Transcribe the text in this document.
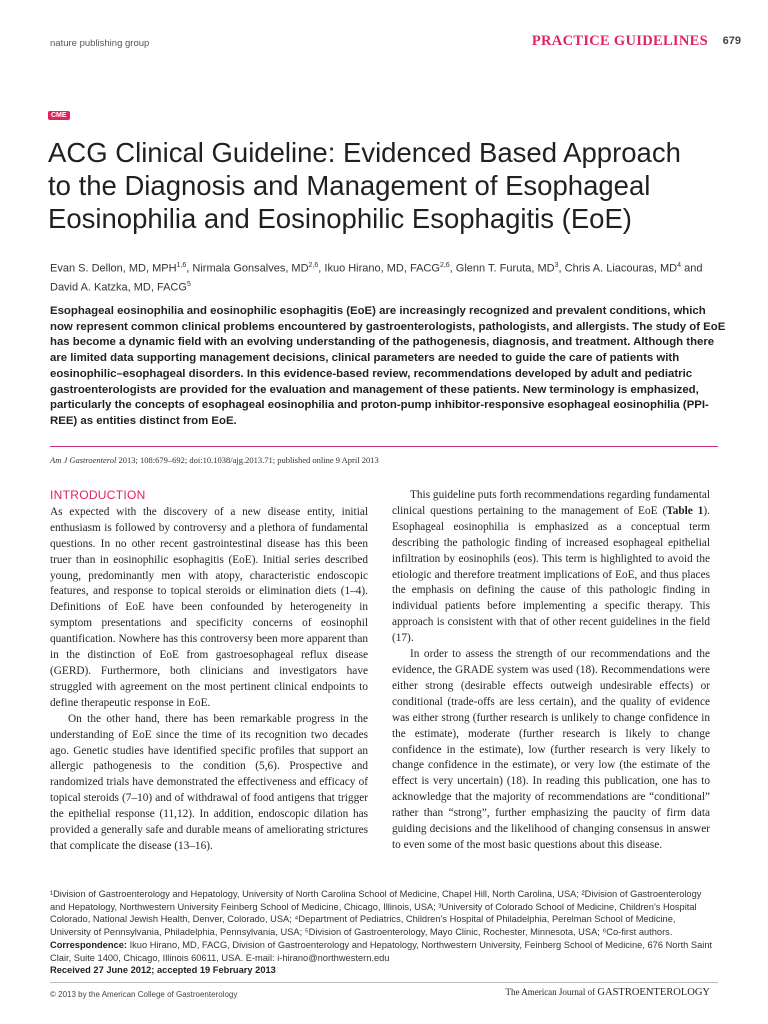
nature publishing group	PRACTICE GUIDELINES 679
CME
ACG Clinical Guideline: Evidenced Based Approach
to the Diagnosis and Management of Esophageal
Eosinophilia and Eosinophilic Esophagitis (EoE)
Evan S. Dellon, MD, MPH$^{1,6}$, Nirmala Gonsalves, MD$^{2,6}$, Ikuo Hirano, MD, FACG$^{2,6}$, Glenn T. Furuta, $MD^3$, Chris A. Liacouras, $MD^4$ and
David A. Katzka, MD, FACG$^5$
Esophageal eosinophilia and eosinophilic esophagitis (EoE) are increasingly recognized and prevalent conditions, which now represent common clinical problems encountered by gastroenterologists, pathologists, and allergists. The study of EoE has become a dynamic field with an evolving understanding of the pathogenesis, diagnosis, and treatment. Although there are limited data supporting management decisions, clinical parameters are needed to guide the care of patients with eosinophilic–esophageal disorders. In this evidence-based review, recommendations developed by adult and pediatric gastroenterologists are provided for the evaluation and management of these patients. New terminology is emphasized, particularly the concepts of esophageal eosinophilia and proton-pump inhibitor-responsive esophageal eosinophilia (PPI-REE) as entities distinct from EoE.
Am J Gastroenterol 2013; 108:679–692; doi:10.1038/ajg.2013.71; published online 9 April 2013
INTRODUCTION

As expected with the discovery of a new disease entity, initial enthusiasm is followed by controversy and a plethora of fundamental questions. In no other recent gastrointestinal disease has this been truer than in eosinophilic esophagitis (EoE). Initial series described young, predominantly men with atopy, characteristic endoscopic features, and response to topical steroids or elimination diets (1–4). Definitions of EoE have been confounded by heterogeneity in symptom presentations and specificity concerns of eosinophil quantification. Nowhere has this controversy been more apparent than in the distinction of EoE from gastroesophageal reflux disease (GERD). Furthermore, both clinicians and investigators have struggled with agreement on the most pertinent clinical endpoints to define therapeutic response in EoE.

On the other hand, there has been remarkable progress in the understanding of EoE since the time of its recognition two decades ago. Genetic studies have identified specific profiles that support an allergic pathogenesis to the condition (5,6). Prospective and randomized trials have demonstrated the effectiveness and efficacy of topical steroids (7–10) and of withdrawal of food antigens that trigger the epithelial response (11,12). In addition, endoscopic dilation has provided a generally safe and durable means of ameliorating strictures that complicate the disease (13–16).

This guideline puts forth recommendations regarding fundamental clinical questions pertaining to the management of EoE (Table 1). Esophageal eosinophilia is emphasized as a conceptual term describing the pathologic finding of increased esophageal epithelial infiltration by eosinophils (eos). This term is highlighted to avoid the etiologic and therefore treatment implications of EoE, and thus places the emphasis on defining the cause of this pathologic finding in individual patients before implementing a specific therapy. This approach is consistent with that of other recent guidelines in the field (17).

In order to assess the strength of our recommendations and the evidence, the GRADE system was used (18). Recommendations were either strong (desirable effects outweigh undesirable effects) or conditional (trade-offs are less certain), and the quality of evidence was either strong (further research is unlikely to change confidence in the estimate), moderate (further research is likely to change confidence in the estimate), low (further research is very likely to change confidence in the estimate), or very low (the estimate of the effect is very uncertain) (18). In reading this publication, one has to acknowledge that the majority of recommendations are “conditional” rather than “strong”, further emphasizing the paucity of firm data guiding decisions and the likelihood of changing consensus in answer to even some of the most basic questions about this disease.

¹Division of Gastroenterology and Hepatology, University of North Carolina School of Medicine, Chapel Hill, North Carolina, USA; ²Division of Gastroenterology and Hepatology, Northwestern University Feinberg School of Medicine, Chicago, Illinois, USA; ³University of Colorado School of Medicine, Children’s Hospital Colorado, National Jewish Health, Denver, Colorado, USA; ⁴Department of Pediatrics, Children’s Hospital of Philadelphia, Perelman School of Medicine, University of Pennsylvania, Philadelphia, Pennsylvania, USA; ⁵Division of Gastroenterology, Mayo Clinic, Rochester, Minnesota, USA; ⁶Co-first authors. Correspondence: Ikuo Hirano, MD, FACG, Division of Gastroenterology and Hepatology, Northwestern University, Feinberg School of Medicine, 676 North Saint Clair, Suite 1400, Chicago, Illinois 60611, USA. E-mail: i-hirano@northwestern.edu
Received 27 June 2012; accepted 19 February 2013
© 2013 by the American College of Gastroenterology	The American Journal of GASTROENTEROLOGY
